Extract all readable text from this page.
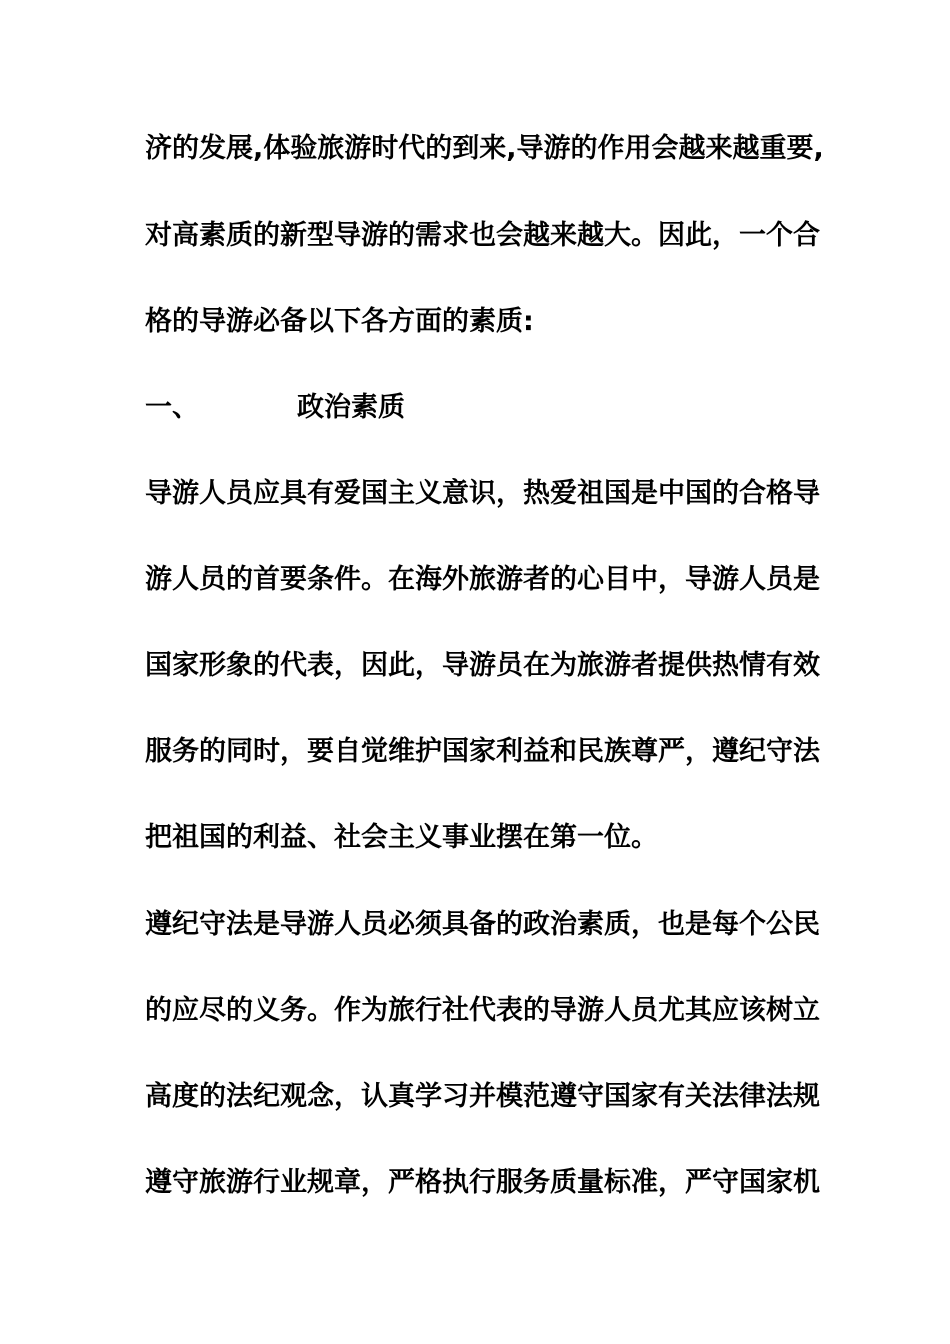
济的发展,体验旅游时代的到来,导游的作用会越来越重要,
对高素质的新型导游的需求也会越来越大。因此，一个合
格的导游必备以下各方面的素质:
一、	政治素质
导游人员应具有爱国主义意识，热爱祖国是中国的合格导
游人员的首要条件。在海外旅游者的心目中，导游人员是
国家形象的代表，因此，导游员在为旅游者提供热情有效
服务的同时，要自觉维护国家利益和民族尊严，遵纪守法
把祖国的利益、社会主义事业摆在第一位。
遵纪守法是导游人员必须具备的政治素质，也是每个公民
的应尽的义务。作为旅行社代表的导游人员尤其应该树立
高度的法纪观念，认真学习并模范遵守国家有关法律法规
遵守旅游行业规章，严格执行服务质量标准，严守国家机
